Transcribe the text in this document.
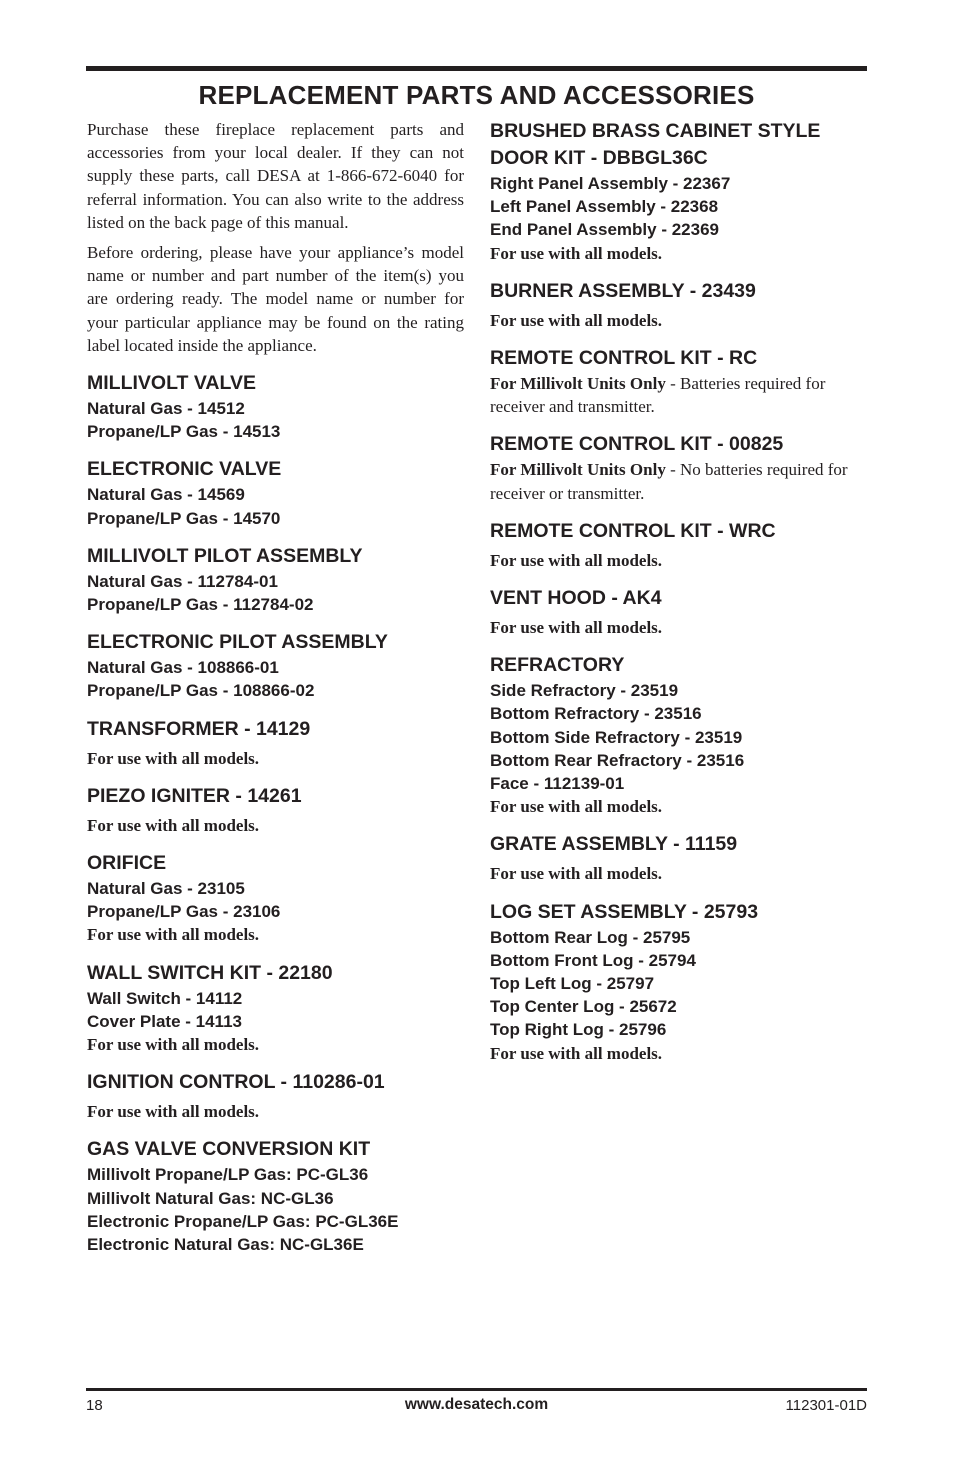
REPLACEMENT PARTS AND ACCESSORIES

Purchase these fireplace replacement parts and accessories from your local dealer. If they can not supply these parts, call DESA at 1-866-672-6040 for referral information. You can also write to the address listed on the back page of this manual.

Before ordering, please have your appliance’s model name or number and part number of the item(s) you are ordering ready. The model name or number for your particular appliance may be found on the rating label located inside the appliance.

MILLIVOLT VALVE
Natural Gas - 14512
Propane/LP Gas - 14513
ELECTRONIC VALVE
Natural Gas - 14569
Propane/LP Gas - 14570
MILLIVOLT PILOT ASSEMBLY
Natural Gas - 112784-01
Propane/LP Gas - 112784-02
ELECTRONIC PILOT ASSEMBLY
Natural Gas - 108866-01
Propane/LP Gas - 108866-02
TRANSFORMER - 14129
For use with all models.
PIEZO IGNITER - 14261
For use with all models.
ORIFICE
Natural Gas - 23105
Propane/LP Gas - 23106
For use with all models.
WALL SWITCH KIT - 22180
Wall Switch - 14112
Cover Plate - 14113
For use with all models.
IGNITION CONTROL - 110286-01
For use with all models.
GAS VALVE CONVERSION KIT
Millivolt Propane/LP Gas: PC-GL36
Millivolt Natural Gas: NC-GL36
Electronic Propane/LP Gas: PC-GL36E
Electronic Natural Gas: NC-GL36E
BRUSHED BRASS CABINET STYLE DOOR KIT - DBBGL36C
Right Panel Assembly - 22367
Left Panel Assembly - 22368
End Panel Assembly - 22369
For use with all models.
BURNER ASSEMBLY - 23439
For use with all models.
REMOTE CONTROL KIT - RC

For Millivolt Units Only - Batteries required for receiver and transmitter.

REMOTE CONTROL KIT - 00825

For Millivolt Units Only - No batteries required for receiver or transmitter.

REMOTE CONTROL KIT - WRC
For use with all models.
VENT HOOD - AK4
For use with all models.
REFRACTORY
Side Refractory - 23519
Bottom Refractory - 23516
Bottom Side Refractory - 23519
Bottom Rear Refractory - 23516
Face - 112139-01
For use with all models.
GRATE ASSEMBLY - 11159
For use with all models.
LOG SET ASSEMBLY - 25793
Bottom Rear Log - 25795
Bottom Front Log - 25794
Top Left Log - 25797
Top Center Log - 25672
Top Right Log - 25796
For use with all models.
18	www.desatech.com	112301-01D
